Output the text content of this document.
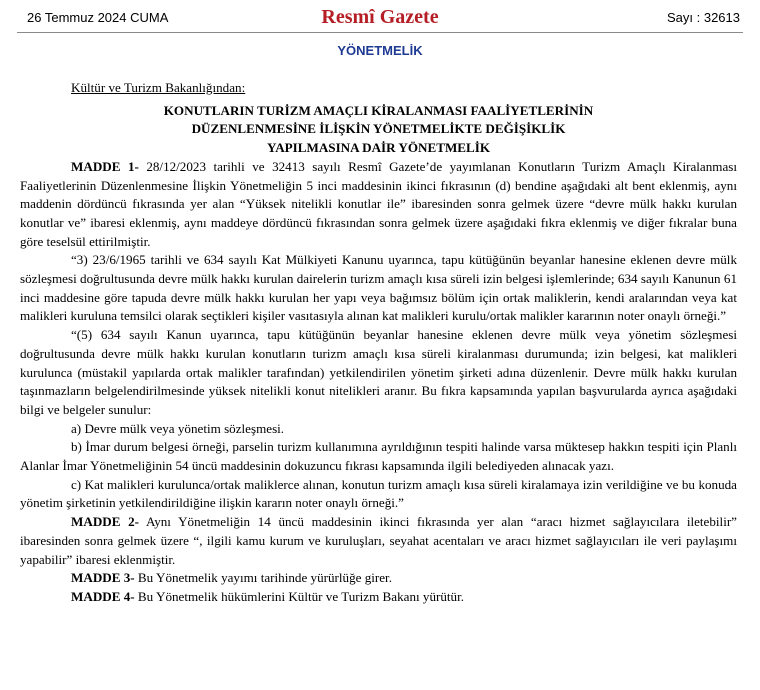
26 Temmuz 2024 CUMA	Resmî Gazete	Sayı : 32613
YÖNETMELİK
Kültür ve Turizm Bakanlığından:
KONUTLARIN TURİZM AMAÇLI KİRALANMASI FAALİYETLERİNİN
DÜZENLENMESİNE İLİŞKİN YÖNETMELİKTE DEĞİŞİKLİK
YAPILMASINA DAİR YÖNETMELİK

MADDE 1- 28/12/2023 tarihli ve 32413 sayılı Resmî Gazete’de yayımlanan Konutların Turizm Amaçlı Kiralanması Faaliyetlerinin Düzenlenmesine İlişkin Yönetmeliğin 5 inci maddesinin ikinci fıkrasının (d) bendine aşağıdaki alt bent eklenmiş, aynı maddenin dördüncü fıkrasında yer alan “Yüksek nitelikli konutlar ile” ibaresinden sonra gelmek üzere “devre mülk hakkı kurulan konutlar ve” ibaresi eklenmiş, aynı maddeye dördüncü fıkrasından sonra gelmek üzere aşağıdaki fıkra eklenmiş ve diğer fıkralar buna göre teselsül ettirilmiştir.

“3) 23/6/1965 tarihli ve 634 sayılı Kat Mülkiyeti Kanunu uyarınca, tapu kütüğünün beyanlar hanesine eklenen devre mülk sözleşmesi doğrultusunda devre mülk hakkı kurulan dairelerin turizm amaçlı kısa süreli izin belgesi işlemlerinde; 634 sayılı Kanunun 61 inci maddesine göre tapuda devre mülk hakkı kurulan her yapı veya bağımsız bölüm için ortak maliklerin, kendi aralarından veya kat malikleri kuruluna temsilci olarak seçtikleri kişiler vasıtasıyla alınan kat malikleri kurulu/ortak malikler kararının noter onaylı örneği.”

“(5) 634 sayılı Kanun uyarınca, tapu kütüğünün beyanlar hanesine eklenen devre mülk veya yönetim sözleşmesi doğrultusunda devre mülk hakkı kurulan konutların turizm amaçlı kısa süreli kiralanması durumunda; izin belgesi, kat malikleri kurulunca (müstakil yapılarda ortak malikler tarafından) yetkilendirilen yönetim şirketi adına düzenlenir. Devre mülk hakkı kurulan taşınmazların belgelendirilmesinde yüksek nitelikli konut nitelikleri aranır. Bu fıkra kapsamında yapılan başvurularda ayrıca aşağıdaki bilgi ve belgeler sunulur:

a) Devre mülk veya yönetim sözleşmesi.

b) İmar durum belgesi örneği, parselin turizm kullanımına ayrıldığının tespiti halinde varsa müktesep hakkın tespiti için Planlı Alanlar İmar Yönetmeliğinin 54 üncü maddesinin dokuzuncu fıkrası kapsamında ilgili belediyeden alınacak yazı.

c) Kat malikleri kurulunca/ortak maliklerce alınan, konutun turizm amaçlı kısa süreli kiralamaya izin verildiğine ve bu konuda yönetim şirketinin yetkilendirildiğine ilişkin kararın noter onaylı örneği.”

MADDE 2- Aynı Yönetmeliğin 14 üncü maddesinin ikinci fıkrasında yer alan “aracı hizmet sağlayıcılara iletebilir” ibaresinden sonra gelmek üzere “, ilgili kamu kurum ve kuruluşları, seyahat acentaları ve aracı hizmet sağlayıcıları ile veri paylaşımı yapabilir” ibaresi eklenmiştir.

MADDE 3- Bu Yönetmelik yayımı tarihinde yürürlüğe girer.

MADDE 4- Bu Yönetmelik hükümlerini Kültür ve Turizm Bakanı yürütür.
